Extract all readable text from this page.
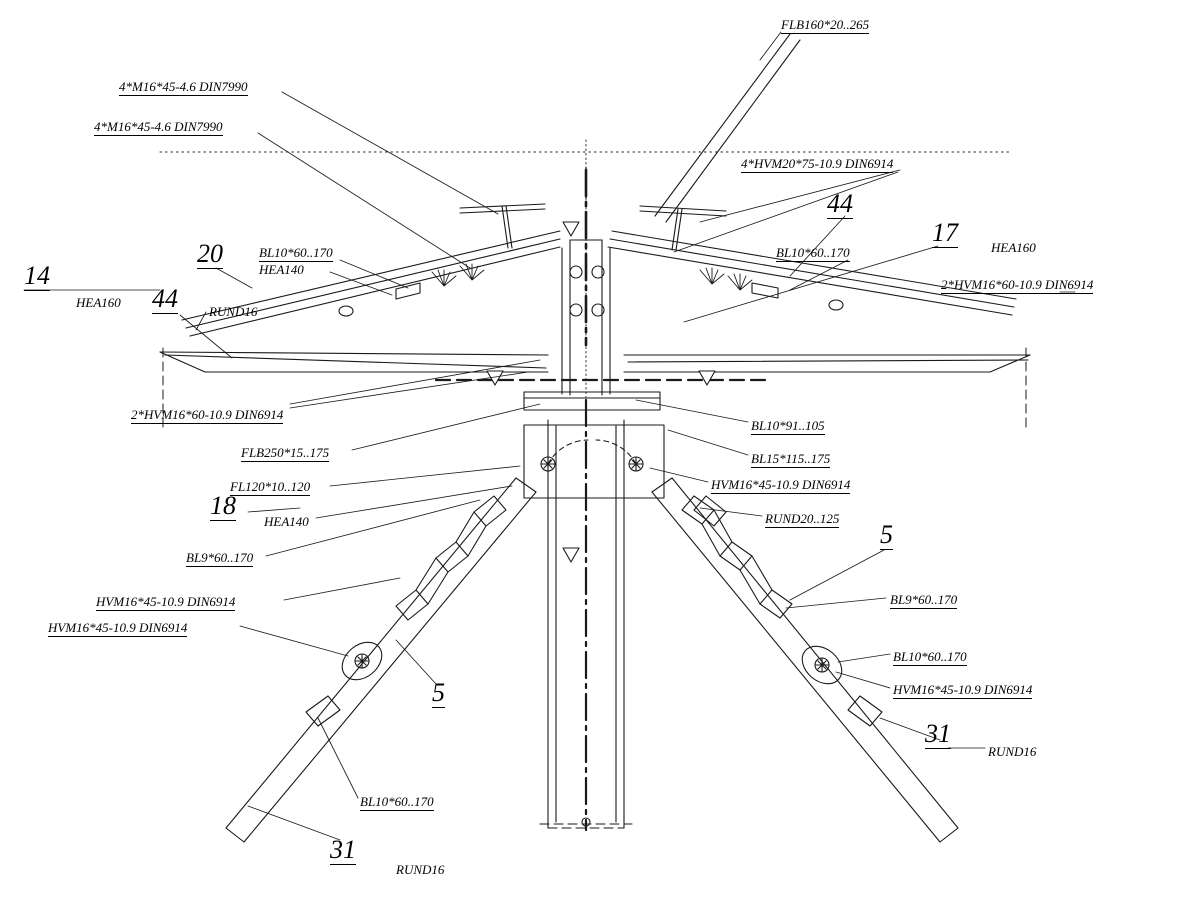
14
20
44
44
17
18
5
5
31
31
FLB160*20..265
4*M16*45-4.6 DIN7990
4*M16*45-4.6 DIN7990
4*HVM20*75-10.9 DIN6914
BL10*60..170
HEA140
BL10*60..170
HEA160
HEA160
RUND16
2*HVM16*60-10.9 DIN6914
2*HVM16*60-10.9 DIN6914
BL10*91..105
FLB250*15..175	BL15*115..175
HVM16*45-10.9 DIN6914
FL120*10..120
HEA140	RUND20..125
BL9*60..170
BL9*60..170
HVM16*45-10.9 DIN6914
HVM16*45-10.9 DIN6914
BL10*60..170
HVM16*45-10.9 DIN6914
RUND16
BL10*60..170
RUND16
